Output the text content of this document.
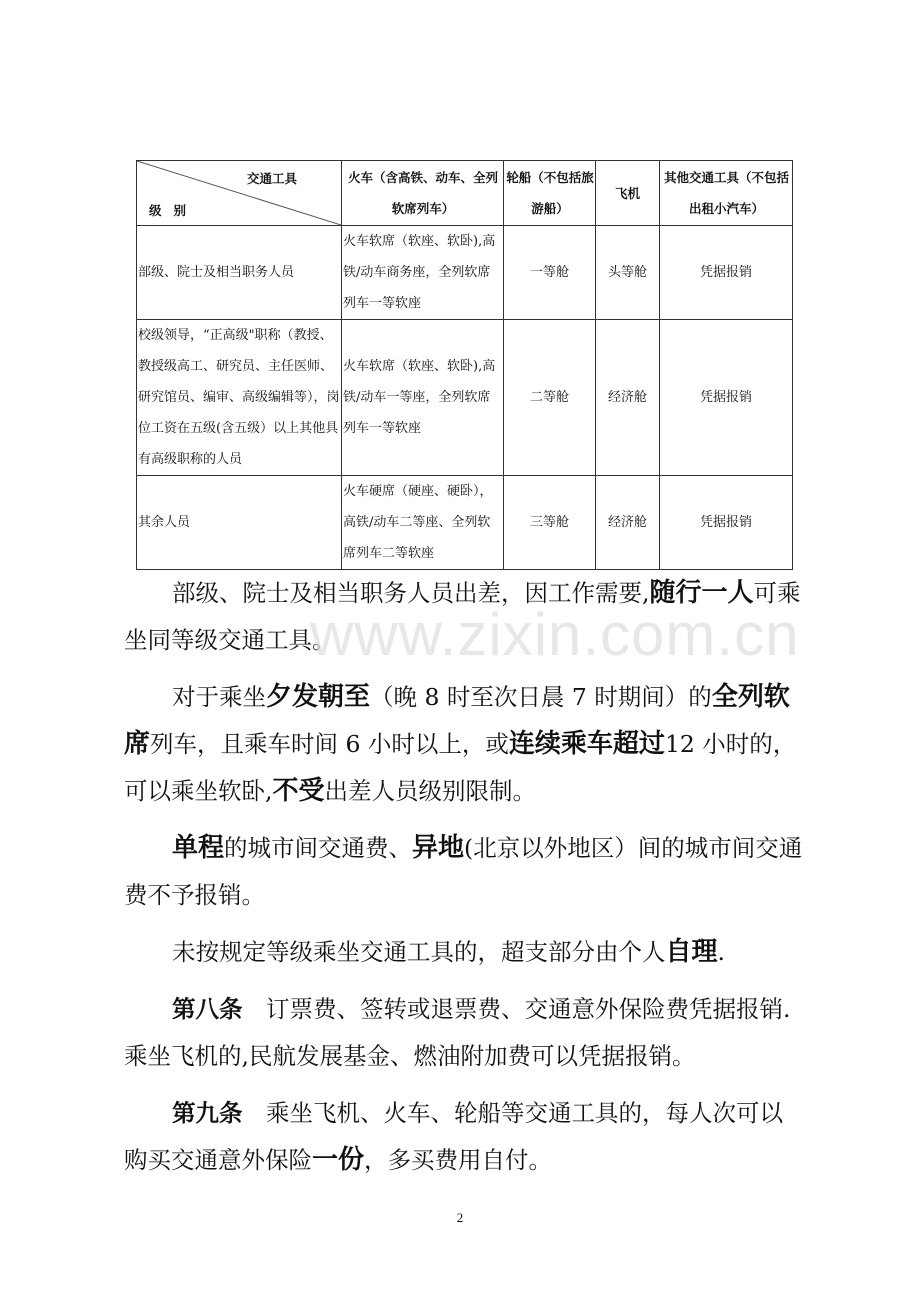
交通工具
级别	火车（含高铁、动车、全列软席列车）	轮船（不包括旅游船）	飞机	其他交通工具（不包括出租小汽车）

部级、院士及相当职务人员	火车软席（软座、软卧),高铁/动车商务座，全列软席列车一等软座	一等舱	头等舱	凭据报销
校级领导，“正高级"职称（教授、教授级高工、研究员、主任医师、研究馆员、编审、高级编辑等），岗位工资在五级(含五级）以上其他具有高级职称的人员	火车软席（软座、软卧),高铁/动车一等座，全列软席列车一等软座	二等舱	经济舱	凭据报销
其余人员	火车硬席（硬座、硬卧），高铁/动车二等座、全列软席列车二等软座	三等舱	经济舱	凭据报销

部级、院士及相当职务人员出差，因工作需要,随行一人可乘坐同等级交通工具。

对于乘坐夕发朝至（晚 8 时至次日晨 7 时期间）的全列软席列车，且乘车时间 6 小时以上，或连续乘车超过12 小时的，可以乘坐软卧,不受出差人员级别限制。

单程的城市间交通费、异地(北京以外地区）间的城市间交通费不予报销。

未按规定等级乘坐交通工具的，超支部分由个人自理.

第八条　 订票费、签转或退票费、交通意外保险费凭据报销.乘坐飞机的,民航发展基金、燃油附加费可以凭据报销。

第九条　 乘坐飞机、火车、轮船等交通工具的，每人次可以购买交通意外保险一份，多买费用自付。

www.zixin.com.cn
2
